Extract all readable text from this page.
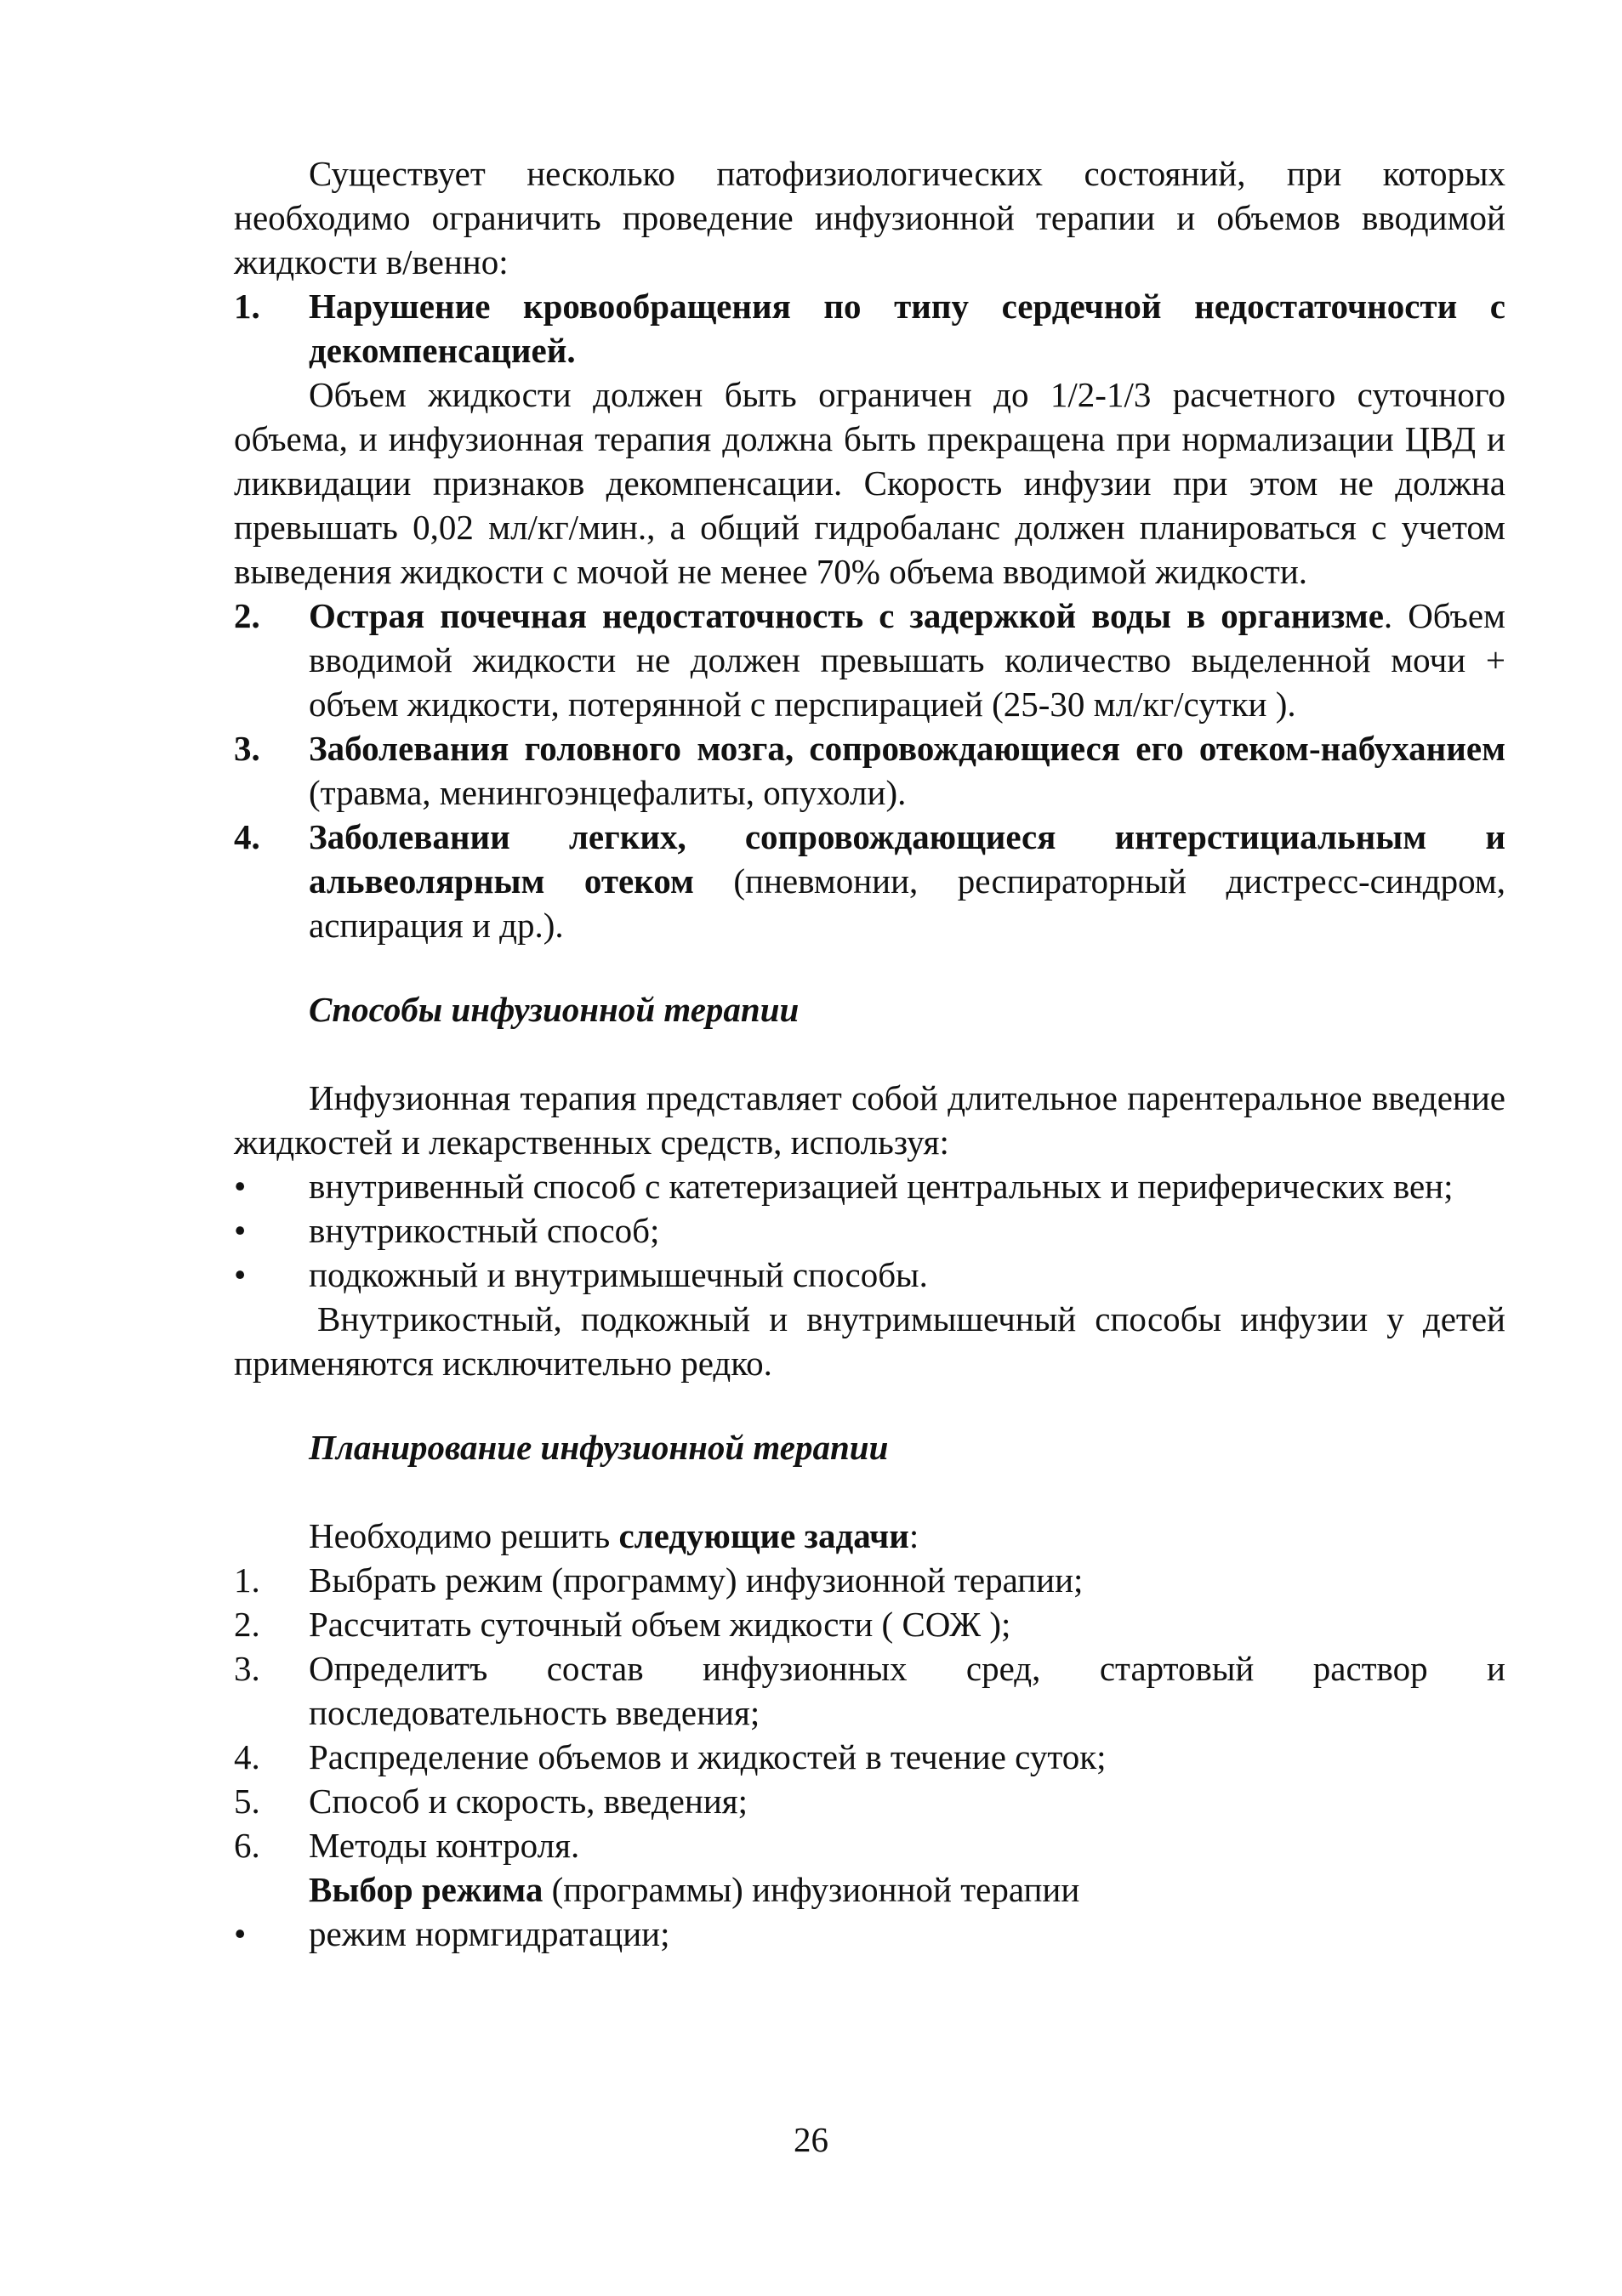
Существует несколько патофизиологических состояний, при которых необходимо ограничить проведение инфузионной терапии и объемов вводимой жидкости в/венно:

1.	Нарушение кровообращения по типу сердечной недостаточности с декомпенсацией.

Объем жидкости должен быть ограничен до 1/2-1/3 расчетного суточного объема, и инфузионная терапия должна быть прекращена при нормализации ЦВД и ликвидации признаков декомпенсации. Скорость инфузии при этом не должна превышать 0,02 мл/кг/мин., а общий гидробаланс должен планироваться с учетом выведения жидкости с мочой не менее 70% объема вводимой жидкости.

2.	Острая почечная недостаточность с задержкой воды в организме. Объем вводимой жидкости не должен превышать количество выделенной мочи + объем жидкости, потерянной с перспирацией (25-30 мл/кг/сутки ).
3.	Заболевания головного мозга, сопровождающиеся его отеком-набуханием (травма, менингоэнцефалиты, опухоли).
4.	Заболевании легких, сопровождающиеся интерстициальным и альвеолярным отеком (пневмонии, респираторный дистресс-синдром, аспирация и др.).

Способы инфузионной терапии

Инфузионная терапия представляет собой длительное парентеральное введение жидкостей и лекарственных средств, используя:

•	внутривенный способ с катетеризацией центральных и периферических вен;
•	внутрикостный способ;
•	подкожный и внутримышечный способы.

Внутрикостный, подкожный и внутримышечный способы инфузии у детей применяются исключительно редко.

Планирование инфузионной терапии

Необходимо решить следующие задачи:

1.	Выбрать режим (программу) инфузионной терапии;
2.	Рассчитать суточный объем жидкости ( СОЖ );
3.	Определитъ состав инфузионных сред, стартовый раствор и последовательность введения;
4.	Распределение объемов и жидкостей в течение суток;
5.	Способ и скорость, введения;
6.	Методы контроля.

Выбор режима (программы) инфузионной терапии

•	режим нормгидратации;
26
